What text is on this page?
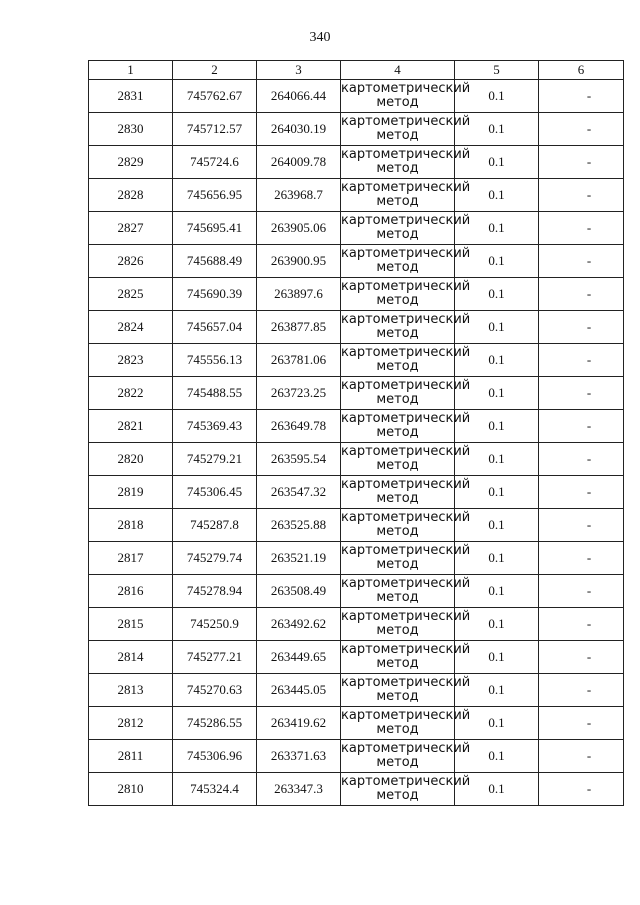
340
1	2	3	4	5	6
2831	745762.67	264066.44	картометрический метод	0.1	-
2830	745712.57	264030.19	картометрический метод	0.1	-
2829	745724.6	264009.78	картометрический метод	0.1	-
2828	745656.95	263968.7	картометрический метод	0.1	-
2827	745695.41	263905.06	картометрический метод	0.1	-
2826	745688.49	263900.95	картометрический метод	0.1	-
2825	745690.39	263897.6	картометрический метод	0.1	-
2824	745657.04	263877.85	картометрический метод	0.1	-
2823	745556.13	263781.06	картометрический метод	0.1	-
2822	745488.55	263723.25	картометрический метод	0.1	-
2821	745369.43	263649.78	картометрический метод	0.1	-
2820	745279.21	263595.54	картометрический метод	0.1	-
2819	745306.45	263547.32	картометрический метод	0.1	-
2818	745287.8	263525.88	картометрический метод	0.1	-
2817	745279.74	263521.19	картометрический метод	0.1	-
2816	745278.94	263508.49	картометрический метод	0.1	-
2815	745250.9	263492.62	картометрический метод	0.1	-
2814	745277.21	263449.65	картометрический метод	0.1	-
2813	745270.63	263445.05	картометрический метод	0.1	-
2812	745286.55	263419.62	картометрический метод	0.1	-
2811	745306.96	263371.63	картометрический метод	0.1	-
2810	745324.4	263347.3	картометрический метод	0.1	-
